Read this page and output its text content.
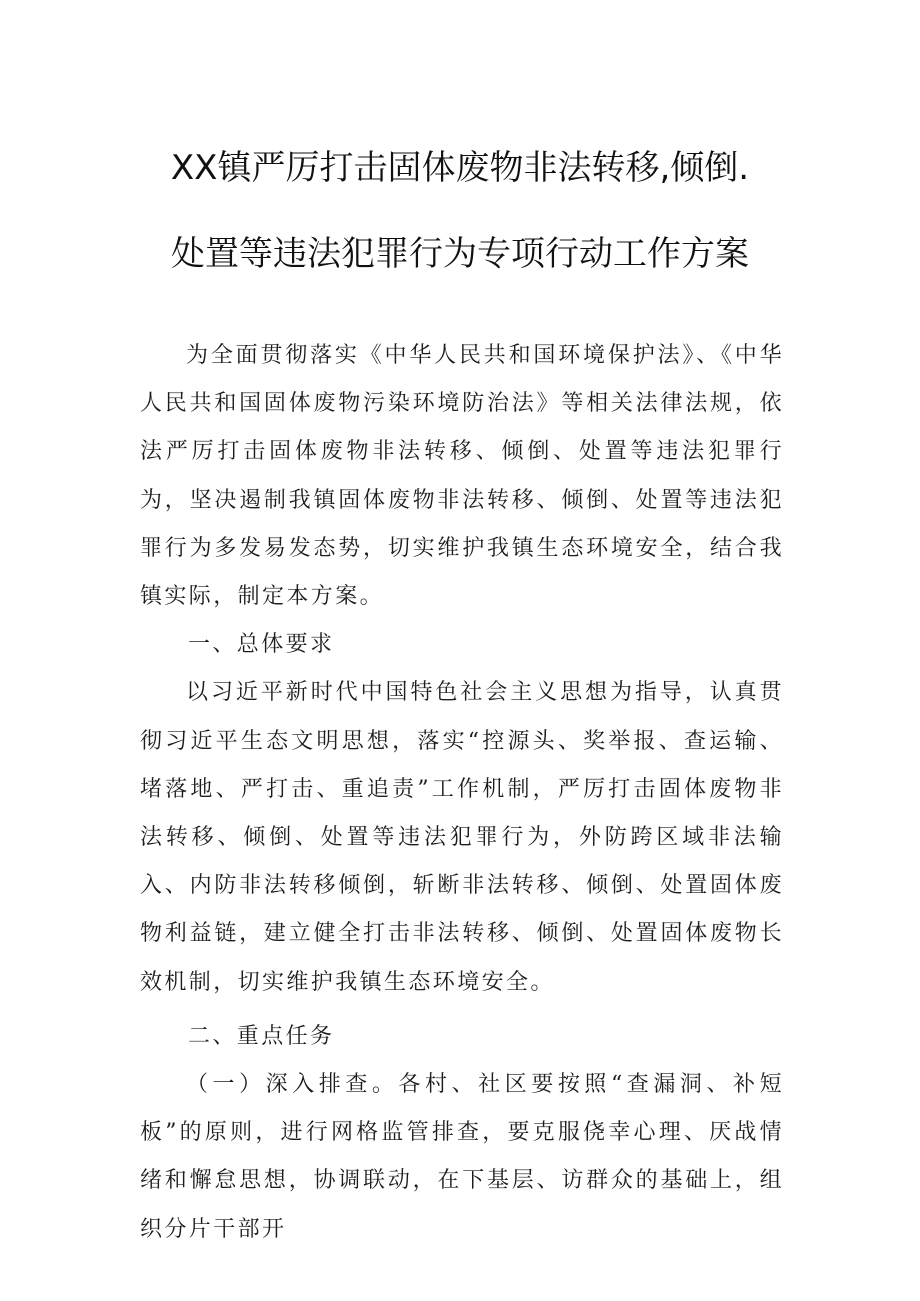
XX镇严厉打击固体废物非法转移,倾倒.
处置等违法犯罪行为专项行动工作方案

为全面贯彻落实《中华人民共和国环境保护法》、《中华人民共和国固体废物污染环境防治法》等相关法律法规，依法严厉打击固体废物非法转移、倾倒、处置等违法犯罪行为，坚决遏制我镇固体废物非法转移、倾倒、处置等违法犯罪行为多发易发态势，切实维护我镇生态环境安全，结合我镇实际，制定本方案。

一、总体要求

以习近平新时代中国特色社会主义思想为指导，认真贯彻习近平生态文明思想，落实“控源头、奖举报、查运输、堵落地、严打击、重追责”工作机制，严厉打击固体废物非法转移、倾倒、处置等违法犯罪行为，外防跨区域非法输入、内防非法转移倾倒，斩断非法转移、倾倒、处置固体废物利益链，建立健全打击非法转移、倾倒、处置固体废物长效机制，切实维护我镇生态环境安全。

二、重点任务

（一）深入排查。各村、社区要按照“查漏洞、补短板”的原则，进行网格监管排查，要克服侥幸心理、厌战情绪和懈怠思想，协调联动，在下基层、访群众的基础上，组织分片干部开
